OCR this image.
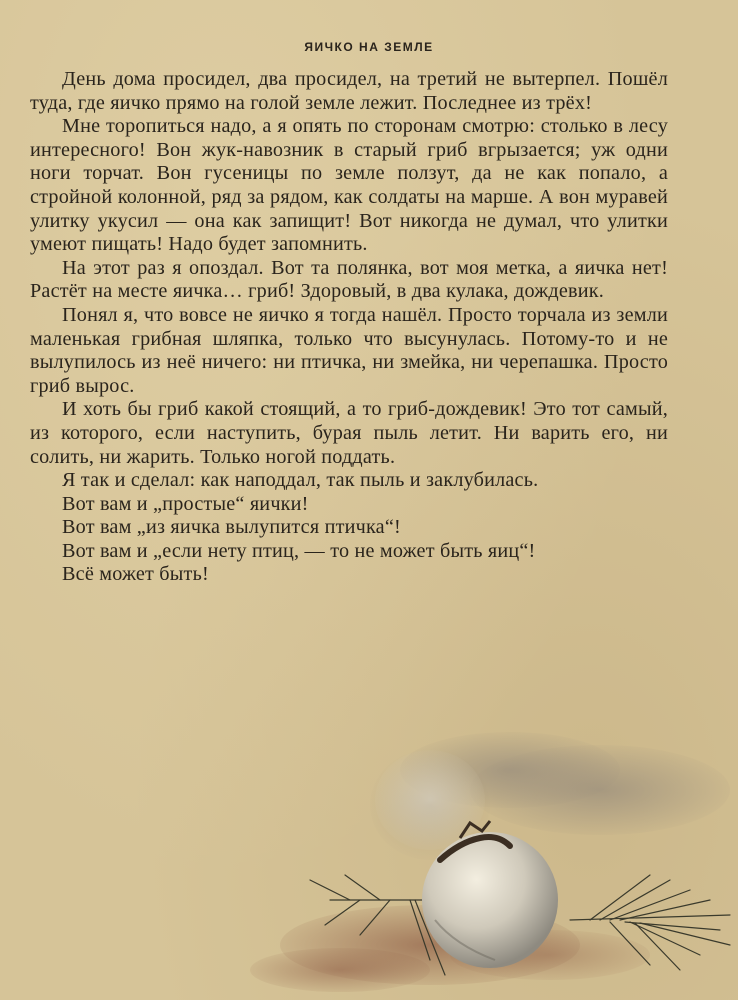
ЯИЧКО НА ЗЕМЛЕ

День дома просидел, два просидел, на третий не вытерпел. Пошёл туда, где яичко прямо на голой земле лежит. Последнее из трёх!

Мне торопиться надо, а я опять по сторонам смотрю: столько в лесу интересного! Вон жук-навозник в старый гриб вгрызается; уж одни ноги торчат. Вон гусеницы по земле ползут, да не как попало, а стройной колонной, ряд за рядом, как солдаты на марше. А вон муравей улитку укусил — она как запищит! Вот никогда не думал, что улитки умеют пищать! Надо будет запомнить.

На этот раз я опоздал. Вот та полянка, вот моя метка, а яичка нет! Растёт на месте яичка… гриб! Здоровый, в два кулака, дождевик.

Понял я, что вовсе не яичко я тогда нашёл. Просто торчала из земли маленькая грибная шляпка, только что высунулась. Потому-то и не вылупилось из неё ничего: ни птичка, ни змейка, ни черепашка. Просто гриб вырос.

И хоть бы гриб какой стоящий, а то гриб-дождевик! Это тот самый, из которого, если наступить, бурая пыль летит. Ни варить его, ни солить, ни жарить. Только ногой поддать.

Я так и сделал: как наподдал, так пыль и заклубилась.

Вот вам и „простые“ яички!

Вот вам „из яичка вылупится птичка“!

Вот вам и „если нету птиц, — то не может быть яиц“!

Всё может быть!
